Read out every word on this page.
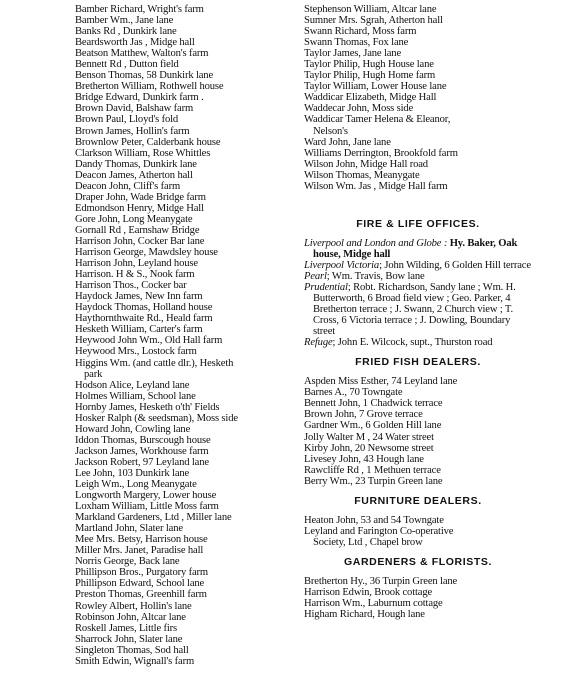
Bamber Richard, Wright's farm
Bamber Wm., Jane lane
Banks Rd , Dunkirk lane
Beardsworth Jas , Midge hall
Beatson Matthew, Walton's farm
Bennett Rd , Dutton field
Benson Thomas, 58 Dunkirk lane
Bretherton William, Rothwell house
Bridge Edward, Dunkirk farm .
Brown David, Balshaw farm
Brown Paul, Lloyd's fold
Brown James, Hollin's farm
Brownlow Peter, Calderbank house
Clarkson William, Rose Whittles
Dandy Thomas, Dunkirk lane
Deacon James, Atherton hall
Deacon John, Cliff's farm
Draper John, Wade Bridge farm
Edmondson Henry, Midge Hall
Gore John, Long Meanygate
Gornall Rd , Earnshaw Bridge
Harrison John, Cocker Bar lane
Harrison George, Mawdsley house
Harrison John, Leyland house
Harrison. H & S., Nook farm
Harrison Thos., Cocker bar
Haydock James, New Inn farm
Haydock Thomas, Holland house
Haythornthwaite Rd., Heald farm
Hesketh William, Carter's farm
Heywood John Wm., Old Hall farm
Heywood Mrs., Lostock farm
Higgins Wm. (and cattle dlr.), Hesketh
park
Hodson Alice, Leyland lane
Holmes William, School lane
Hornby James, Hesketh o'th' Fields
Hosker Ralph (& seedsman), Moss side
Howard John, Cowling lane
Iddon Thomas, Burscough house
Jackson James, Workhouse farm
Jackson Robert, 97 Leyland lane
Lee John, 103 Dunkirk lane
Leigh Wm., Long Meanygate
Longworth Margery, Lower house
Loxham William, Little Moss farm
Markland Gardeners, Ltd , Miller lane
Martland John, Slater lane
Mee Mrs. Betsy, Harrison house
Miller Mrs. Janet, Paradise hall
Norris George, Back lane
Phillipson Bros., Purgatory farm
Phillipson Edward, School lane
Preston Thomas, Greenhill farm
Rowley Albert, Hollin's lane
Robinson John, Altcar lane
Roskell James, Little firs
Sharrock John, Slater lane
Singleton Thomas, Sod hall
Smith Edwin, Wignall's farm
Stephenson William, Altcar lane
Sumner Mrs. Sgrah, Atherton hall
Swann Richard, Moss farm
Swann Thomas, Fox lane
Taylor James, Jane lane
Taylor Philip, Hugh House lane
Taylor Philip, Hugh Home farm
Taylor William, Lower House lane
Waddicar Elizabeth, Midge Hall
Waddecar John, Moss side
Waddicar Tamer Helena & Eleanor,
Nelson's
Ward John, Jane lane
Williams Derrington, Brookfold farm
Wilson John, Midge Hall road
Wilson Thomas, Meanygate
Wilson Wm. Jas , Midge Hall farm
FIRE & LIFE OFFICES.
Liverpool and London and Globe : Hy. Baker, Oak house, Midge hall
Liverpool Victoria; John Wilding, 6 Golden Hill terrace
Pearl; Wm. Travis, Bow lane
Prudential; Robt. Richardson, Sandy lane ; Wm. H. Butterworth, 6 Broad field view ; Geo. Parker, 4 Bretherton terrace ; J. Swann, 2 Church view ; T. Cross, 6 Victoria terrace ; J. Dowling, Boundary street
Refuge; John E. Wilcock, supt., Thurston road
FRIED FISH DEALERS.
Aspden Miss Esther, 74 Leyland lane
Barnes A., 70 Towngate
Bennett John, 1 Chadwick terrace
Brown John, 7 Grove terrace
Gardner Wm., 6 Golden Hill lane
Jolly Walter M , 24 Water street
Kirby John, 20 Newsome street
Livesey John, 43 Hough lane
Rawcliffe Rd , 1 Methuen terrace
Berry Wm., 23 Turpin Green lane
FURNITURE DEALERS.
Heaton John, 53 and 54 Towngate
Leyland and Farington Co-operative
Society, Ltd , Chapel brow
GARDENERS & FLORISTS.
Bretherton Hy., 36 Turpin Green lane
Harrison Edwin, Brook cottage
Harrison Wm., Laburnum cottage
Higham Richard, Hough lane
